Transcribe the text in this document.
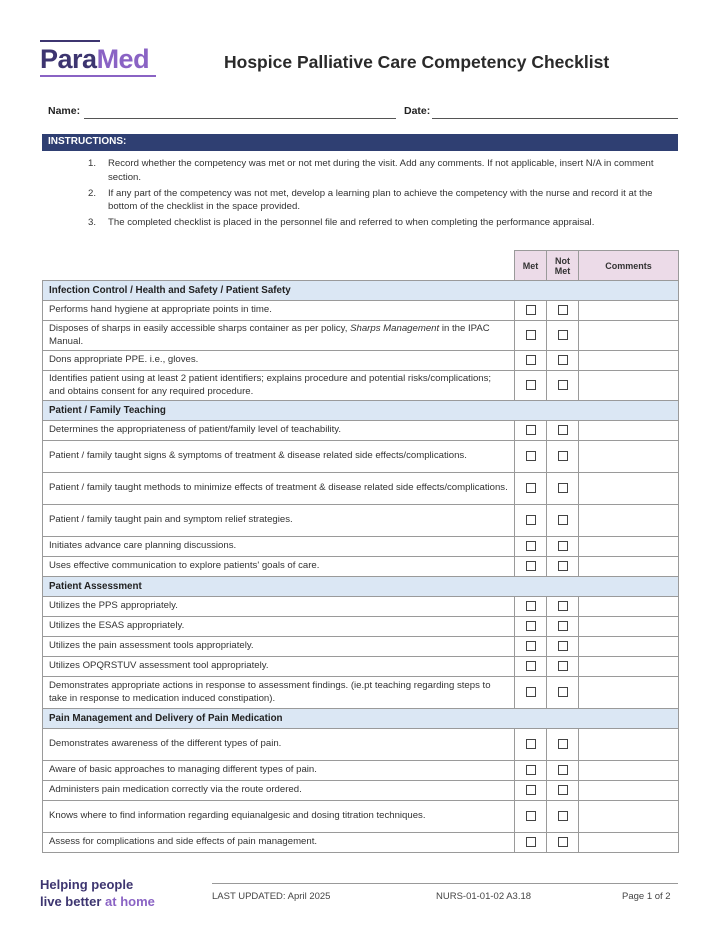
ParaMed	Hospice Palliative Care Competency Checklist
Name:	Date:
INSTRUCTIONS:
1. Record whether the competency was met or not met during the visit. Add any comments. If not applicable, insert N/A in comment section.
2. If any part of the competency was not met, develop a learning plan to achieve the competency with the nurse and record it at the bottom of the checklist in the space provided.
3. The completed checklist is placed in the personnel file and referred to when completing the performance appraisal.
	Met	Not Met	Comments
Infection Control / Health and Safety / Patient Safety			
Performs hand hygiene at appropriate points in time.			
Disposes of sharps in easily accessible sharps container as per policy, Sharps Management in the IPAC Manual.			
Dons appropriate PPE. i.e., gloves.			
Identifies patient using at least 2 patient identifiers; explains procedure and potential risks/complications; and obtains consent for any required procedure.			
Patient / Family Teaching			
Determines the appropriateness of patient/family level of teachability.			
Patient / family taught signs & symptoms of treatment & disease related side effects/complications.			
Patient / family taught methods to minimize effects of treatment & disease related side effects/complications.			
Patient / family taught pain and symptom relief strategies.			
Initiates advance care planning discussions.			
Uses effective communication to explore patients' goals of care.			
Patient Assessment			
Utilizes the PPS appropriately.			
Utilizes the ESAS appropriately.			
Utilizes the pain assessment tools appropriately.			
Utilizes OPQRSTUV assessment tool appropriately.			
Demonstrates appropriate actions in response to assessment findings. (ie.pt teaching regarding steps to take in response to medication induced constipation).			
Pain Management and Delivery of Pain Medication			
Demonstrates awareness of the different types of pain.			
Aware of basic approaches to managing different types of pain.			
Administers pain medication correctly via the route ordered.			
Knows where to find information regarding equianalgesic and dosing titration techniques.			
Assess for complications and side effects of pain management.			
Helping people
live better at home	LAST UPDATED: April 2025	NURS-01-01-02 A3.18	Page 1 of 2
